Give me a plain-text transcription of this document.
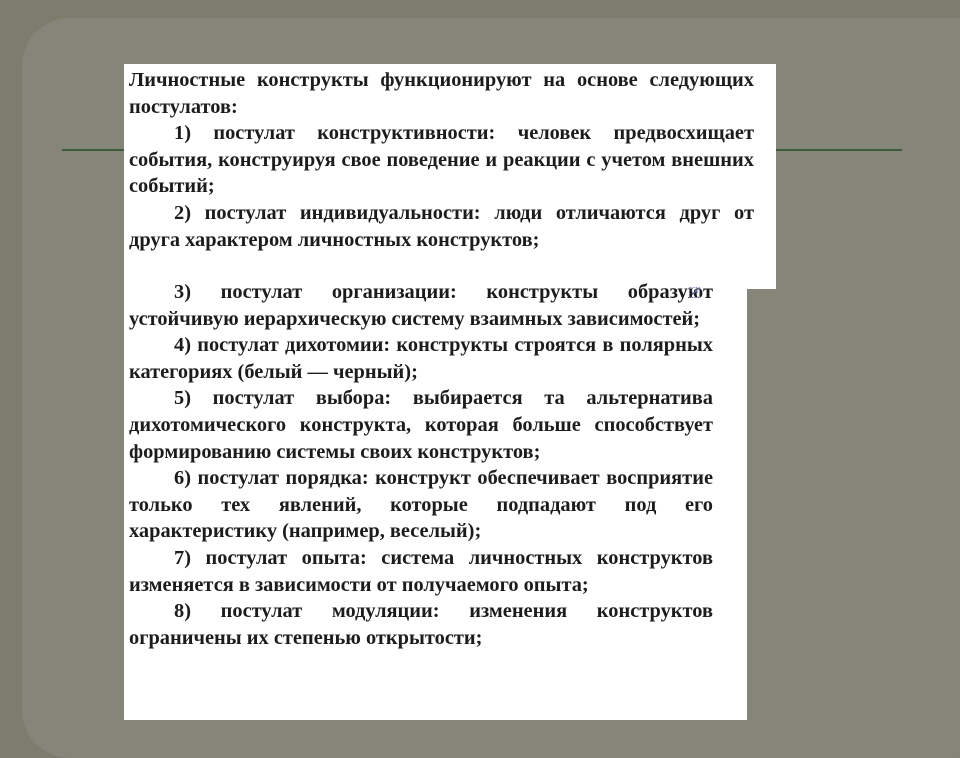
Личностные конструкты функционируют на основе следующих постулатов:

1) постулат конструктивности: человек предвосхищает события, конструируя свое поведение и реакции с учетом внешних событий;

2) постулат индивидуальности: люди отличаются друг от друга характером личностных конструктов;

3) постулат организации: конструкты образуют устойчивую иерархическую систему взаимных зависимостей;

4) постулат дихотомии: конструкты строятся в полярных категориях (белый — черный);

5) постулат выбора: выбирается та альтернатива дихотомического конструкта, которая больше способствует формированию системы своих конструктов;

6) постулат порядка: конструкт обеспечивает восприятие только тех явлений, которые подпадают под его характеристику (например, веселый);

7) постулат опыта: система личностных конструктов изменяется в зависимости от получаемого опыта;

8) постулат модуляции: изменения конструктов ограничены их степенью открытости;
